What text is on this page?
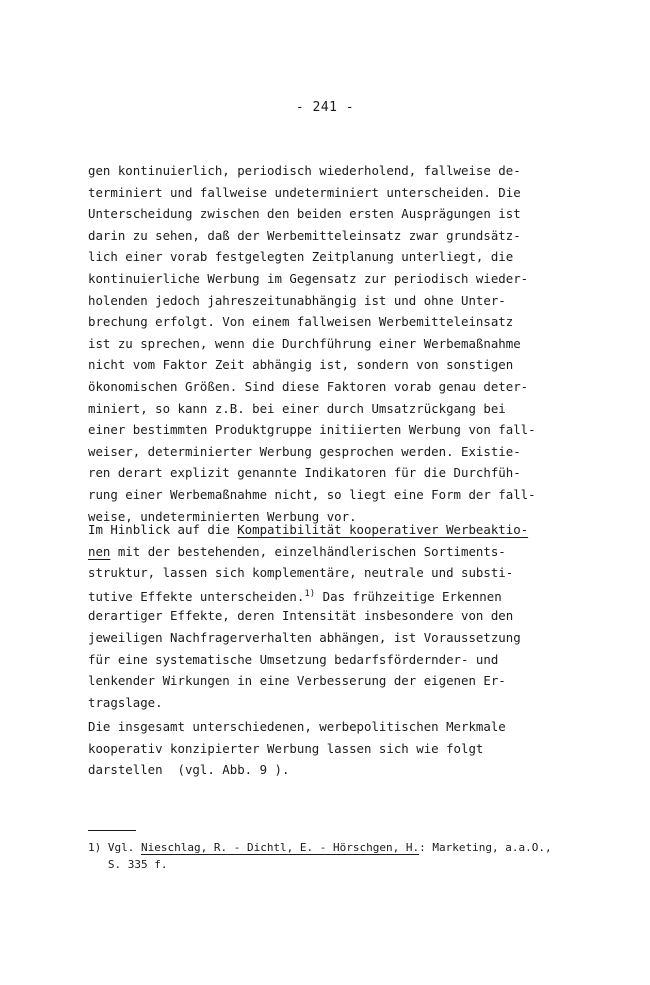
- 241 -
gen kontinuierlich, periodisch wiederholend, fallweise de-
terminiert und fallweise undeterminiert unterscheiden. Die
Unterscheidung zwischen den beiden ersten Ausprägungen ist
darin zu sehen, daß der Werbemitteleinsatz zwar grundsätz-
lich einer vorab festgelegten Zeitplanung unterliegt, die
kontinuierliche Werbung im Gegensatz zur periodisch wieder-
holenden jedoch jahreszeitunabhängig ist und ohne Unter-
brechung erfolgt. Von einem fallweisen Werbemitteleinsatz
ist zu sprechen, wenn die Durchführung einer Werbemaßnahme
nicht vom Faktor Zeit abhängig ist, sondern von sonstigen
ökonomischen Größen. Sind diese Faktoren vorab genau deter-
miniert, so kann z.B. bei einer durch Umsatzrückgang bei
einer bestimmten Produktgruppe initiierten Werbung von fall-
weiser, determinierter Werbung gesprochen werden. Existie-
ren derart explizit genannte Indikatoren für die Durchfüh-
rung einer Werbemaßnahme nicht, so liegt eine Form der fall-
weise, undeterminierten Werbung vor.
Im Hinblick auf die Kompatibilität kooperativer Werbeaktio-
nen mit der bestehenden, einzelhändlerischen Sortiments-
struktur, lassen sich komplementäre, neutrale und substi-
tutive Effekte unterscheiden.$^{1)}$ Das frühzeitige Erkennen
derartiger Effekte, deren Intensität insbesondere von den
jeweiligen Nachfragerverhalten abhängen, ist Voraussetzung
für eine systematische Umsetzung bedarfsfördernder- und
lenkender Wirkungen in eine Verbesserung der eigenen Er-
tragslage.
Die insgesamt unterschiedenen, werbepolitischen Merkmale
kooperativ konzipierter Werbung lassen sich wie folgt
darstellen  (vgl. Abb. 9 ).
1) Vgl. Nieschlag, R. - Dichtl, E. - Hörschgen, H.: Marketing, a.a.O.,
S. 335 f.
